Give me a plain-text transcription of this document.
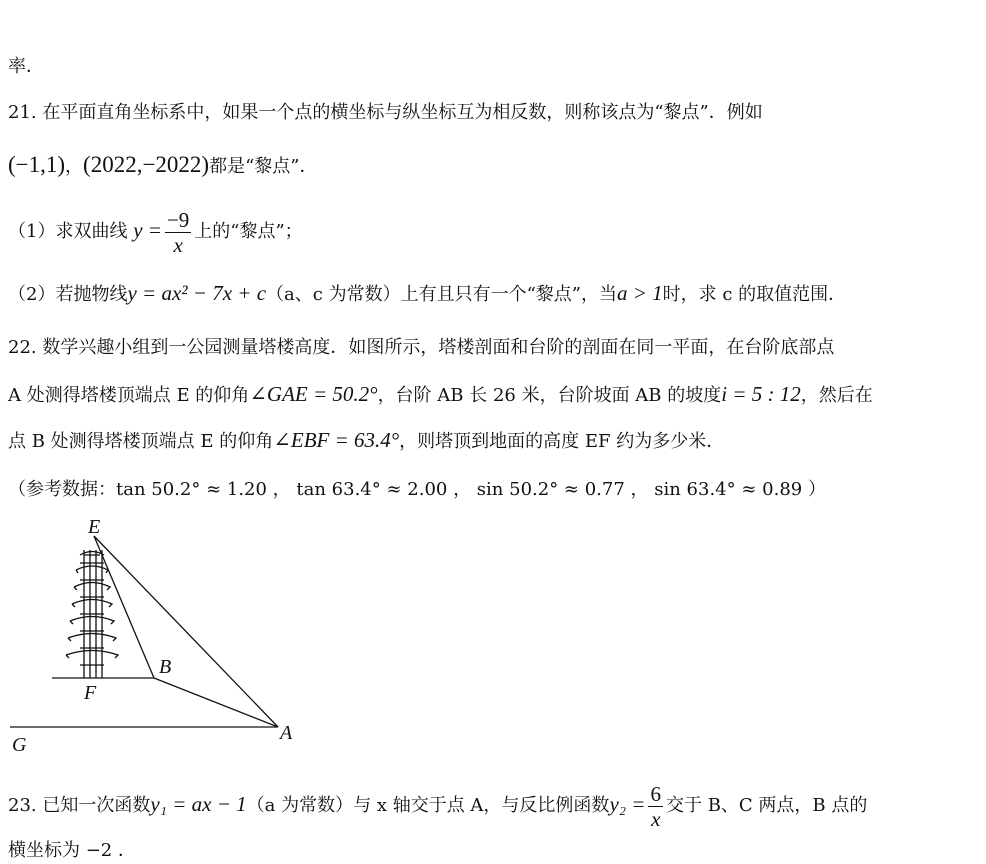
率．
21. 在平面直角坐标系中，如果一个点的横坐标与纵坐标互为相反数，则称该点为“黎点”．例如
(−1,1)，(2022,−2022)都是“黎点”．
（1）求双曲线 $y = \frac{-9}{x}$ 上的“黎点”；
（2）若抛物线y = ax² − 7x + c（a、c 为常数）上有且只有一个“黎点”，当a > 1时，求 c 的取值范围．
22. 数学兴趣小组到一公园测量塔楼高度．如图所示，塔楼剖面和台阶的剖面在同一平面，在台阶底部点
A 处测得塔楼顶端点 E 的仰角∠GAE = 50.2°，台阶 AB 长 26 米，台阶坡面 AB 的坡度i = 5 : 12，然后在
点 B 处测得塔楼顶端点 E 的仰角∠EBF = 63.4°，则塔顶到地面的高度 EF 约为多少米．
（参考数据：tan 50.2° ≈ 1.20 ， tan 63.4° ≈ 2.00 ， sin 50.2° ≈ 0.77 ， sin 63.4° ≈ 0.89 ）
E
B
F
A
G
23. 已知一次函数y₁ = ax − 1（a 为常数）与 x 轴交于点 A，与反比例函数$y_2 = \frac{6}{x}$ 交于 B、C 两点，B 点的
横坐标为 −2 ．
